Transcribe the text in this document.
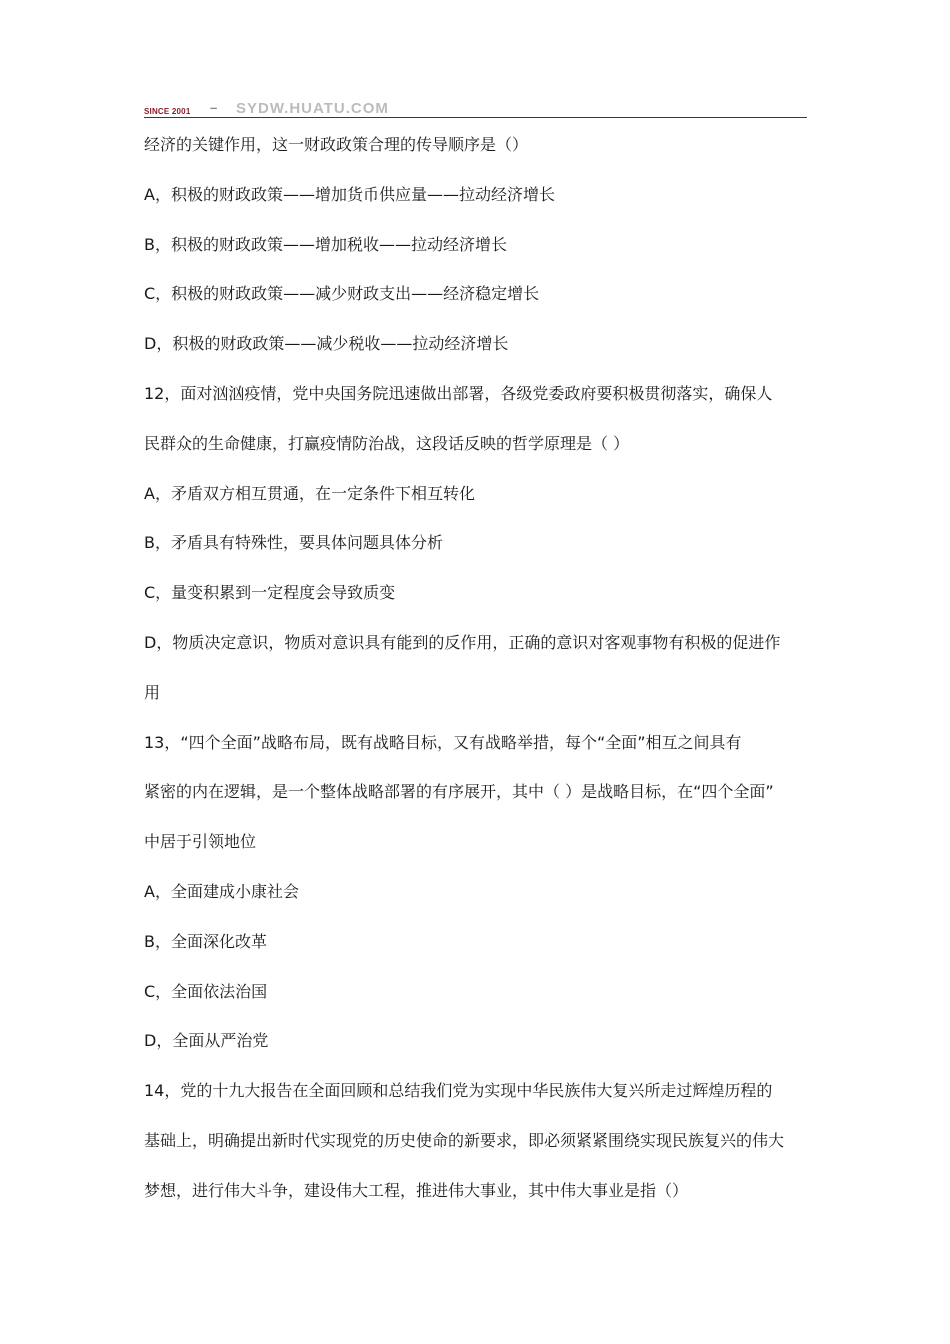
SINCE 2001 – SYDW.HUATU.COM
经济的关键作用，这一财政政策合理的传导顺序是（）
A，积极的财政政策——增加货币供应量——拉动经济增长
B，积极的财政政策——增加税收——拉动经济增长
C，积极的财政政策——减少财政支出——经济稳定增长
D，积极的财政政策——减少税收——拉动经济增长
12，面对汹汹疫情，党中央国务院迅速做出部署，各级党委政府要积极贯彻落实，确保人
民群众的生命健康，打赢疫情防治战，这段话反映的哲学原理是（ ）
A，矛盾双方相互贯通，在一定条件下相互转化
B，矛盾具有特殊性，要具体问题具体分析
C，量变积累到一定程度会导致质变
D，物质决定意识，物质对意识具有能到的反作用，正确的意识对客观事物有积极的促进作
用
13，“四个全面”战略布局，既有战略目标，又有战略举措，每个“全面”相互之间具有
紧密的内在逻辑，是一个整体战略部署的有序展开，其中（ ）是战略目标，在“四个全面”
中居于引领地位
A，全面建成小康社会
B，全面深化改革
C，全面依法治国
D，全面从严治党
14，党的十九大报告在全面回顾和总结我们党为实现中华民族伟大复兴所走过辉煌历程的
基础上，明确提出新时代实现党的历史使命的新要求，即必须紧紧围绕实现民族复兴的伟大
梦想，进行伟大斗争，建设伟大工程，推进伟大事业，其中伟大事业是指（）
